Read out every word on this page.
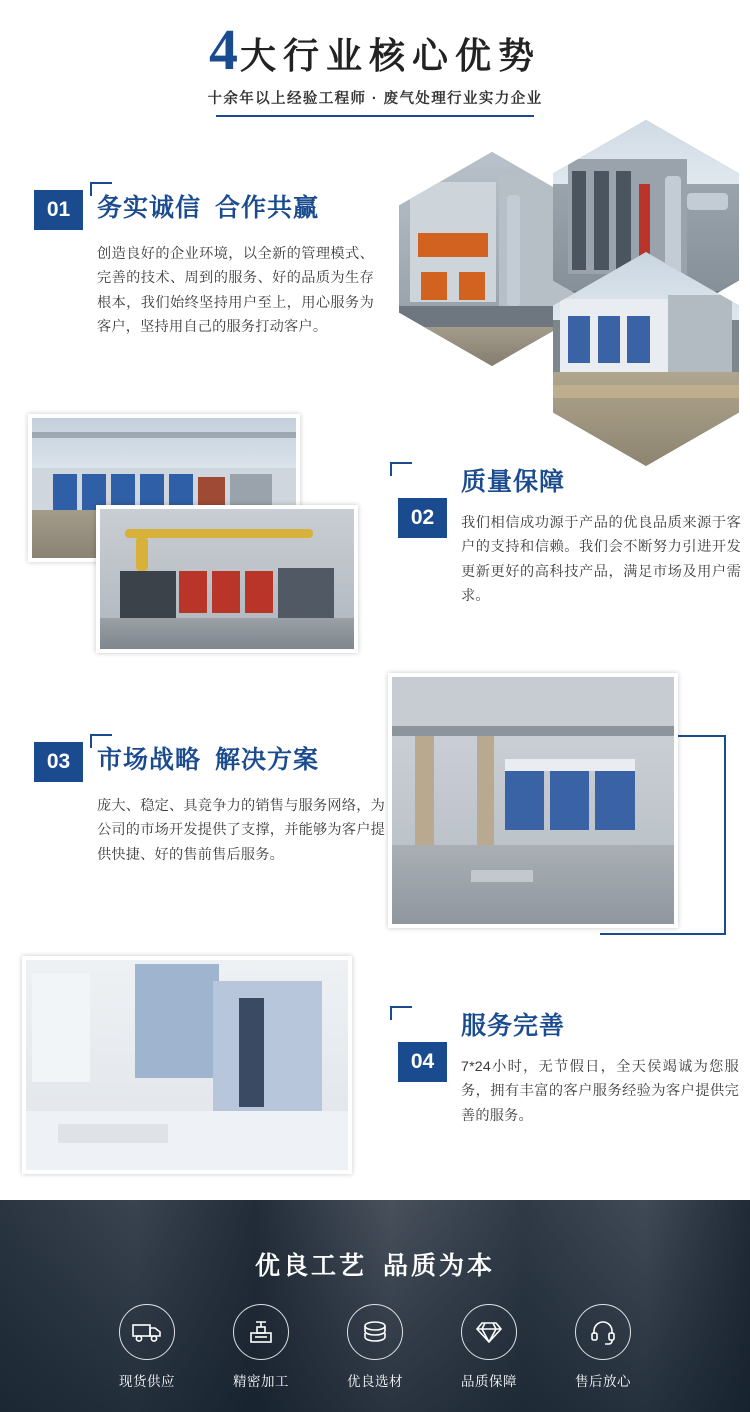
4 大行业核心优势
十余年以上经验工程师 · 废气处理行业实力企业
01	务实诚信 合作共赢
创造良好的企业环境，以全新的管理模式、完善的技术、周到的服务、好的品质为生存根本，我们始终坚持用户至上，用心服务为客户，坚持用自己的服务打动客户。
质量保障
02	我们相信成功源于产品的优良品质来源于客户的支持和信赖。我们会不断努力引进开发更新更好的高科技产品，满足市场及用户需求。
03	市场战略 解决方案
庞大、稳定、具竞争力的销售与服务网络，为公司的市场开发提供了支撑，并能够为客户提供快捷、好的售前售后服务。
服务完善
04	7*24小时，无节假日，全天侯竭诚为您服务，拥有丰富的客户服务经验为客户提供完善的服务。
优良工艺 品质为本
现货供应	精密加工	优良选材	品质保障	售后放心
